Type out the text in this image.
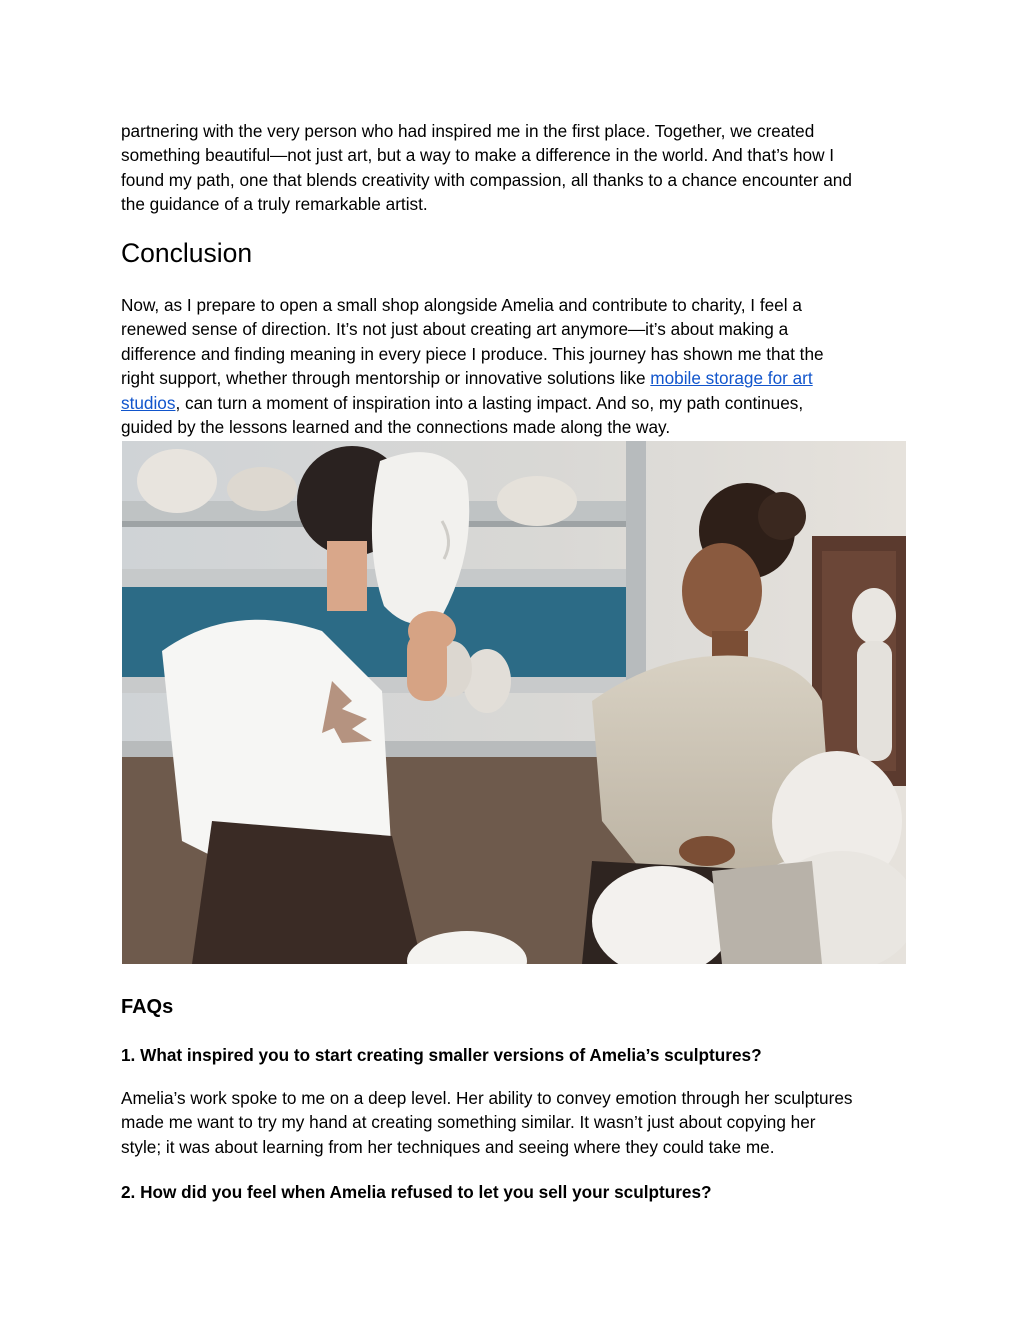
partnering with the very person who had inspired me in the first place. Together, we created
something beautiful—not just art, but a way to make a difference in the world. And that’s how I
found my path, one that blends creativity with compassion, all thanks to a chance encounter and
the guidance of a truly remarkable artist.

Conclusion

Now, as I prepare to open a small shop alongside Amelia and contribute to charity, I feel a
renewed sense of direction. It’s not just about creating art anymore—it’s about making a
difference and finding meaning in every piece I produce. This journey has shown me that the
right support, whether through mentorship or innovative solutions like mobile storage for art
studios, can turn a moment of inspiration into a lasting impact. And so, my path continues,
guided by the lessons learned and the connections made along the way.

FAQs
1. What inspired you to start creating smaller versions of Amelia’s sculptures?

Amelia’s work spoke to me on a deep level. Her ability to convey emotion through her sculptures
made me want to try my hand at creating something similar. It wasn’t just about copying her
style; it was about learning from her techniques and seeing where they could take me.

2. How did you feel when Amelia refused to let you sell your sculptures?
